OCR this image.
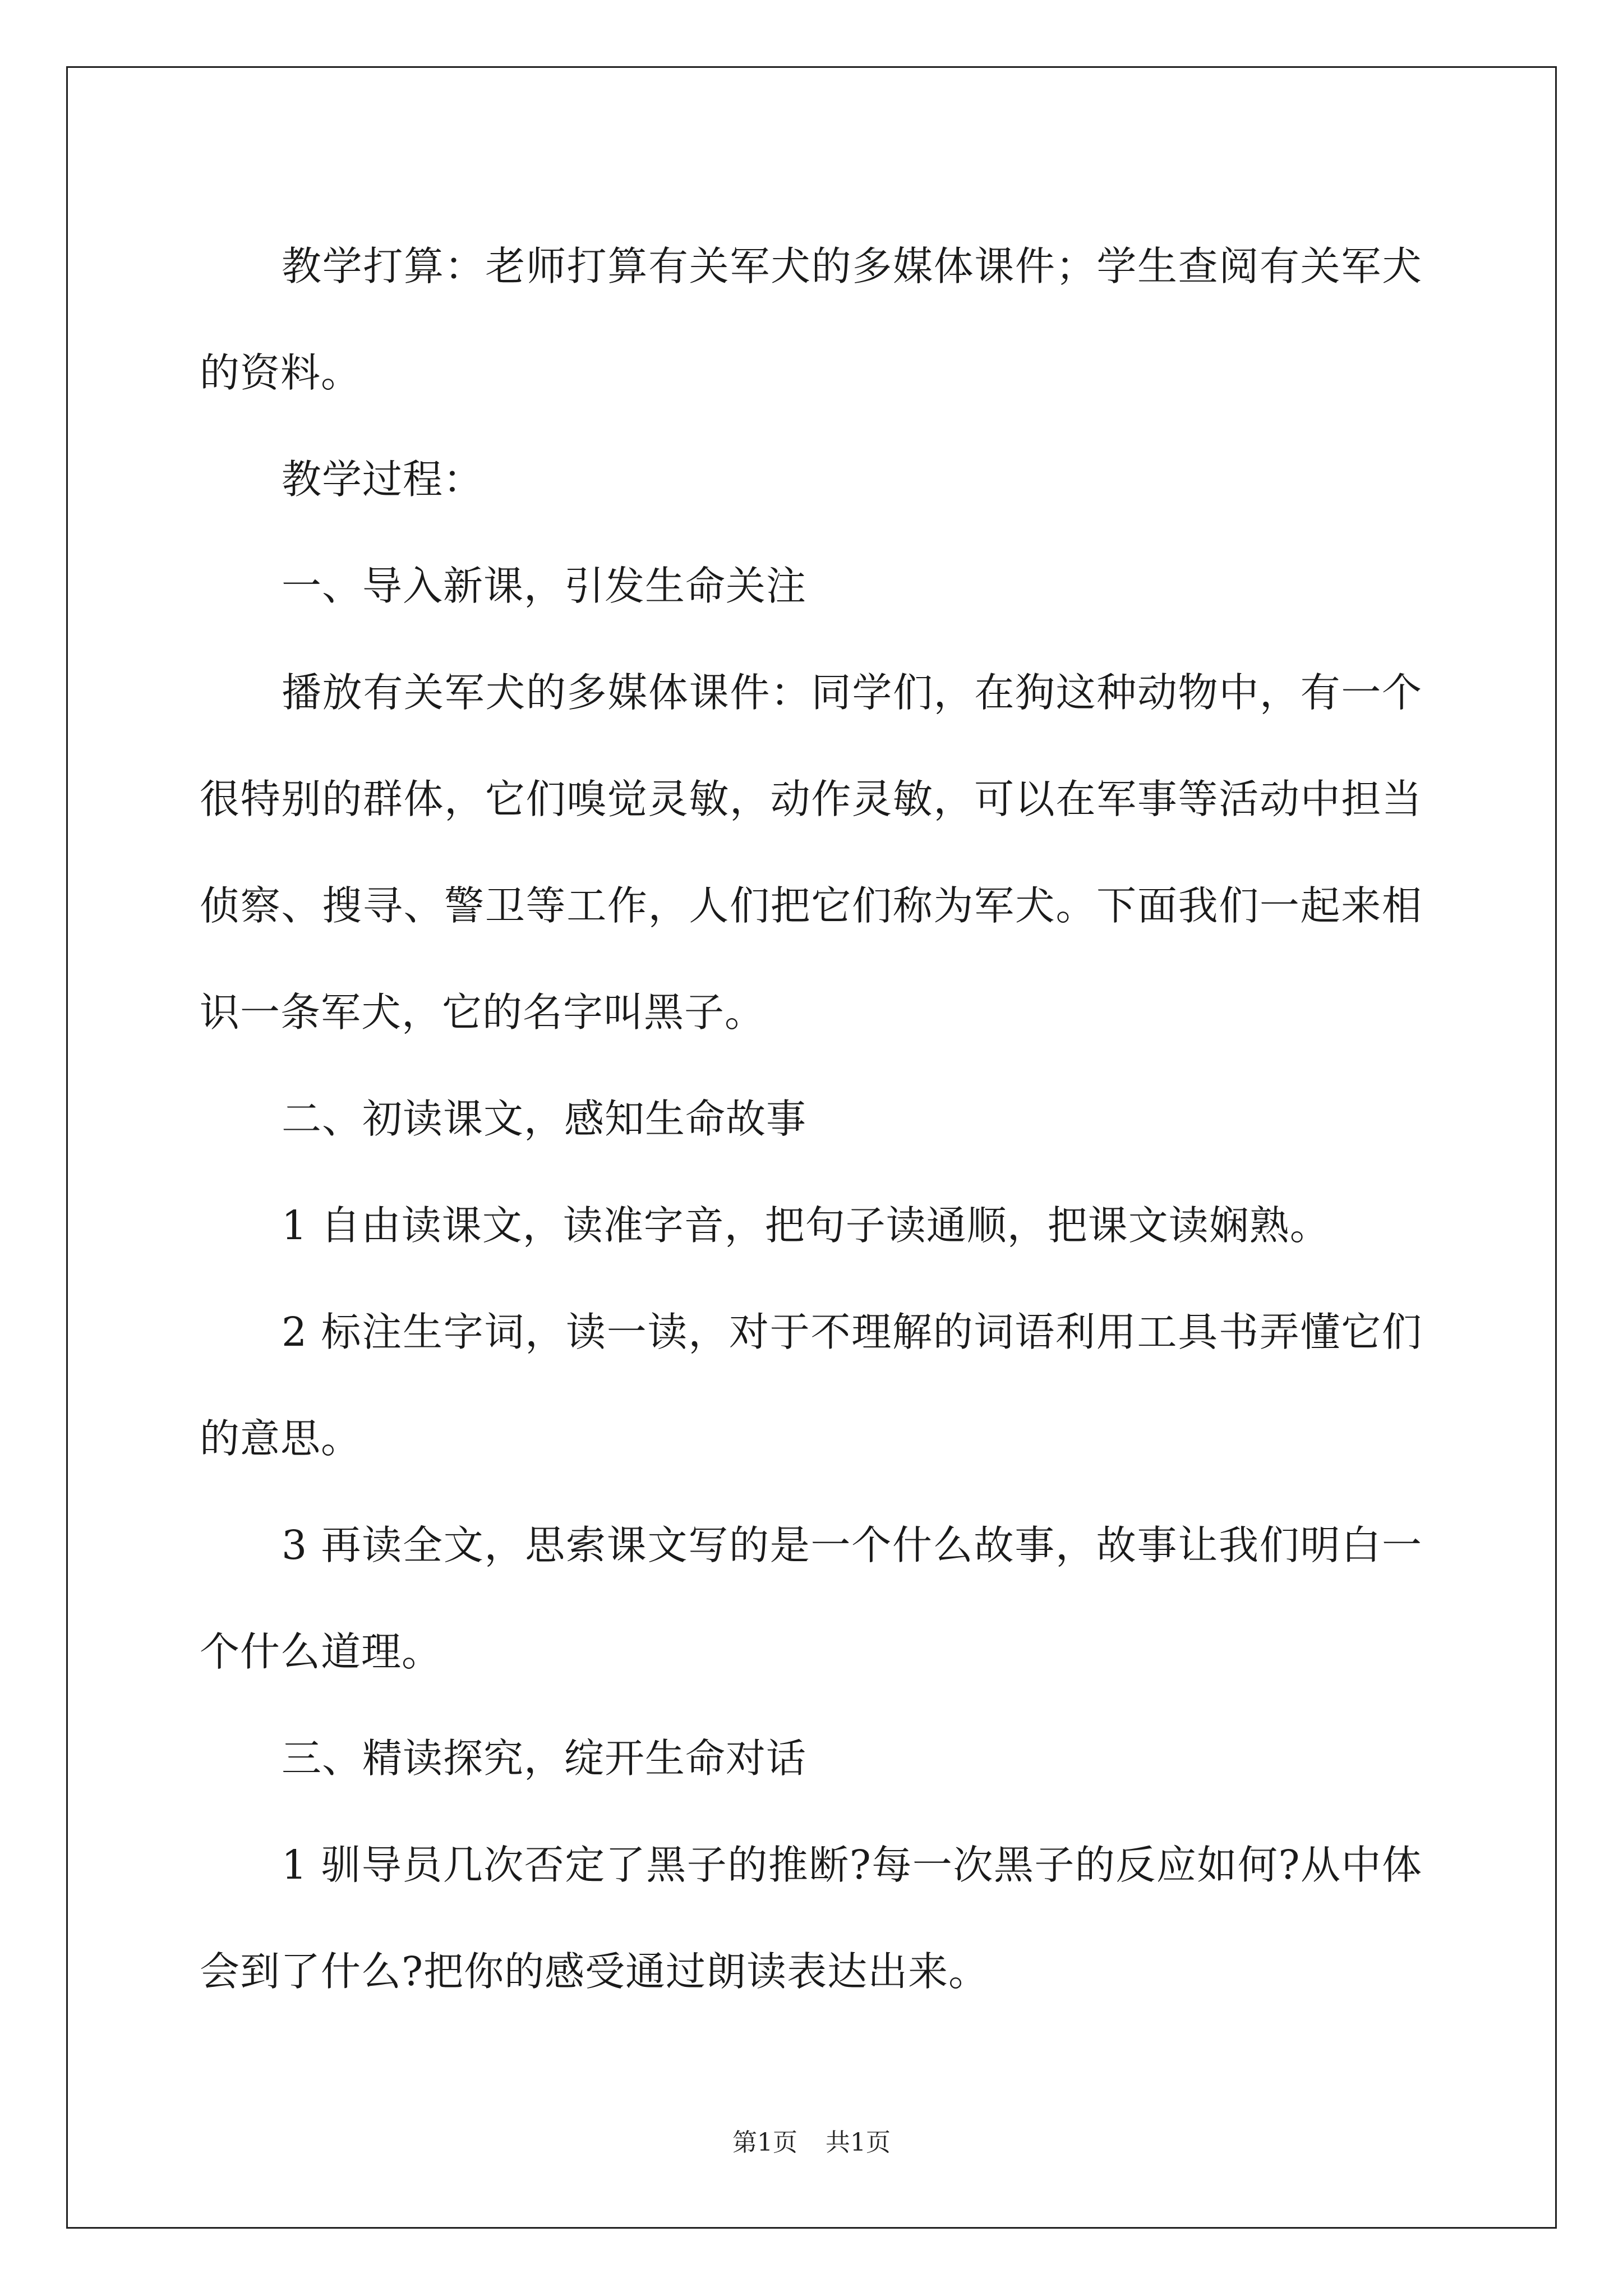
教学打算：老师打算有关军犬的多媒体课件；学生查阅有关军犬的资料。

教学过程：

一、导入新课，引发生命关注

播放有关军犬的多媒体课件：同学们，在狗这种动物中，有一个很特别的群体，它们嗅觉灵敏，动作灵敏，可以在军事等活动中担当侦察、搜寻、警卫等工作，人们把它们称为军犬。下面我们一起来相识一条军犬，它的名字叫黑子。

二、初读课文，感知生命故事

1 自由读课文，读准字音，把句子读通顺，把课文读娴熟。

2 标注生字词，读一读，对于不理解的词语利用工具书弄懂它们的意思。

3 再读全文，思索课文写的是一个什么故事，故事让我们明白一个什么道理。

三、精读探究，绽开生命对话

1 驯导员几次否定了黑子的推断?每一次黑子的反应如何?从中体会到了什么?把你的感受通过朗读表达出来。

第1页 共1页
